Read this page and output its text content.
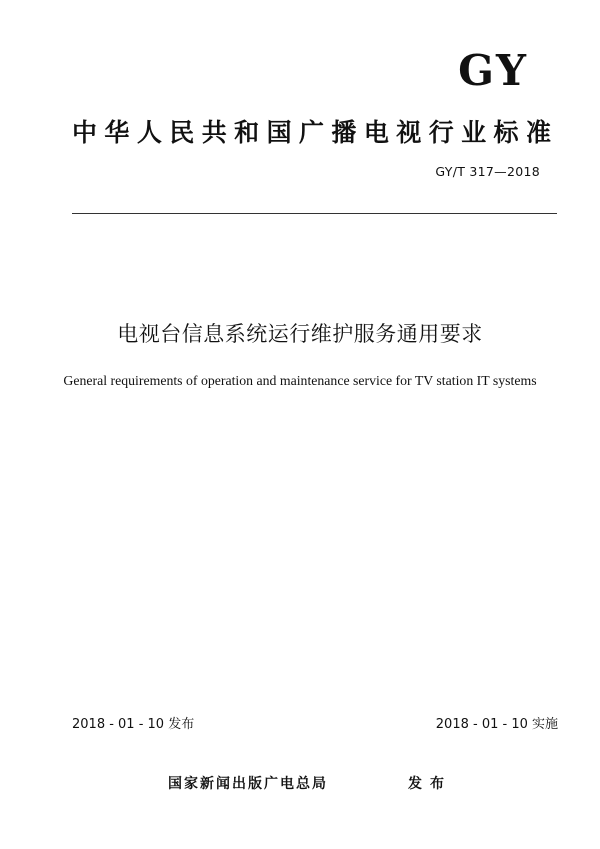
GY
中华人民共和国广播电视行业标准
GY/T 317—2018
电视台信息系统运行维护服务通用要求
General requirements of operation and maintenance service for TV station IT systems
2018 - 01 - 10 发布	2018 - 01 - 10 实施
国家新闻出版广电总局	发布
